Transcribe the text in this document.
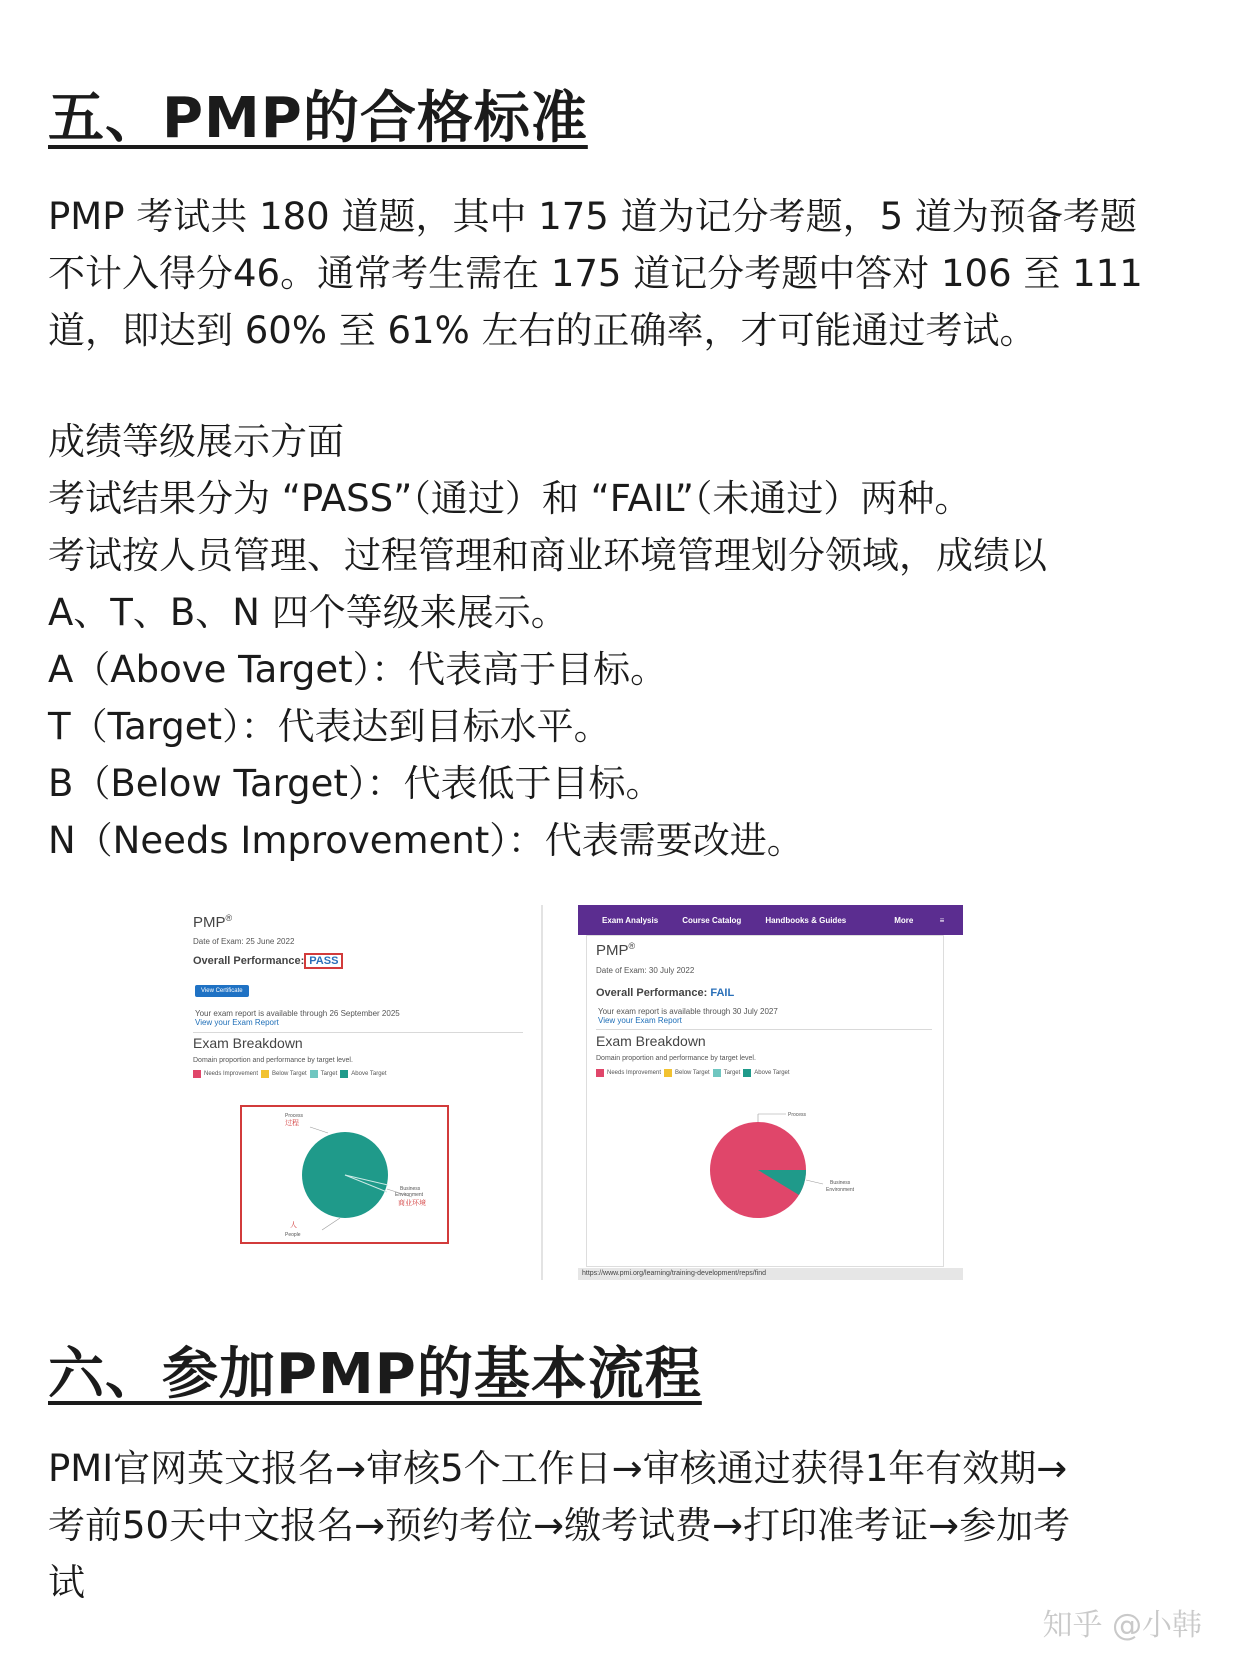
五、PMP的合格标准
PMP 考试共 180 道题，其中 175 道为记分考题，5 道为预备考题
不计入得分46。通常考生需在 175 道记分考题中答对 106 至 111
道，即达到 60% 至 61% 左右的正确率，才可能通过考试。
成绩等级展示方面
考试结果分为 “PASS”（通过）和 “FAIL”（未通过）两种。
考试按人员管理、过程管理和商业环境管理划分领域，成绩以
A、T、B、N 四个等级来展示。
A（Above Target）：代表高于目标。
T（Target）：代表达到目标水平。
B（Below Target）：代表低于目标。
N（Needs Improvement）：代表需要改进。
PMP®
Date of Exam: 25 June 2022
Overall Performance: PASS
View Certificate
Your exam report is available through 26 September 2025
View your Exam Report
Exam Breakdown
Domain proportion and performance by target level.
Needs Improvement Below Target Target Above Target
Process
过程
Business
Environment
商业环境
人
People
Exam Analysis	Course Catalog	Handbooks & Guides	More	≡
PMP®
Date of Exam: 30 July 2022
Overall Performance: FAIL
Your exam report is available through 30 July 2027
View your Exam Report
Exam Breakdown
Domain proportion and performance by target level.
Needs Improvement Below Target Target Above Target
Process
Business
Environment
https://www.pmi.org/learning/training-development/reps/find
六、参加PMP的基本流程
PMI官网英文报名→审核5个工作日→审核通过获得1年有效期→
考前50天中文报名→预约考位→缴考试费→打印准考证→参加考
试
知乎 @小韩
